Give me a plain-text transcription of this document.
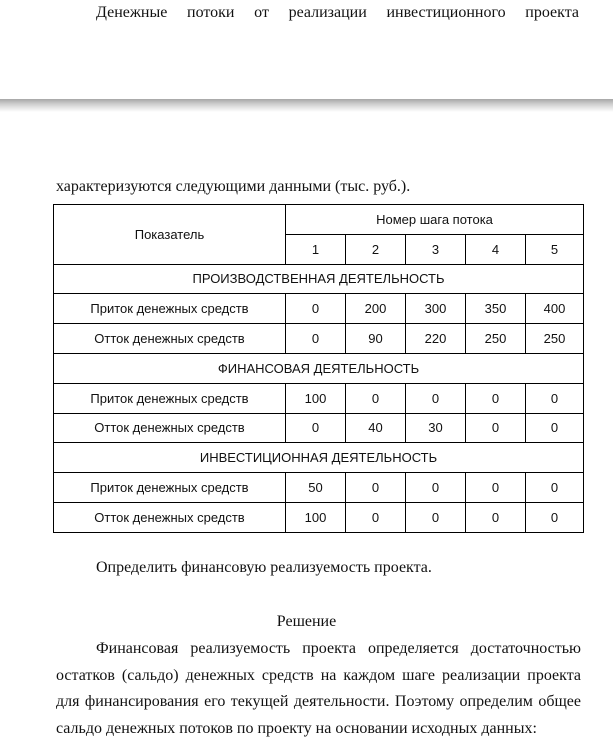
Денежные потоки от реализации инвестиционного проекта
характеризуются следующими данными (тыс. руб.).
Показатель	Номер шага потока				
	1	2	3	4	5
ПРОИЗВОДСТВЕННАЯ ДЕЯТЕЛЬНОСТЬ					
Приток денежных средств	0	200	300	350	400
Отток денежных средств	0	90	220	250	250
ФИНАНСОВАЯ ДЕЯТЕЛЬНОСТЬ					
Приток денежных средств	100	0	0	0	0
Отток денежных средств	0	40	30	0	0
ИНВЕСТИЦИОННАЯ ДЕЯТЕЛЬНОСТЬ					
Приток денежных средств	50	0	0	0	0
Отток денежных средств	100	0	0	0	0
Определить финансовую реализуемость проекта.
Решение

Финансовая реализуемость проекта определяется достаточностью остатков (сальдо) денежных средств на каждом шаге реализации проекта для финансирования его текущей деятельности. Поэтому определим общее сальдо денежных потоков по проекту на основании исходных данных:
